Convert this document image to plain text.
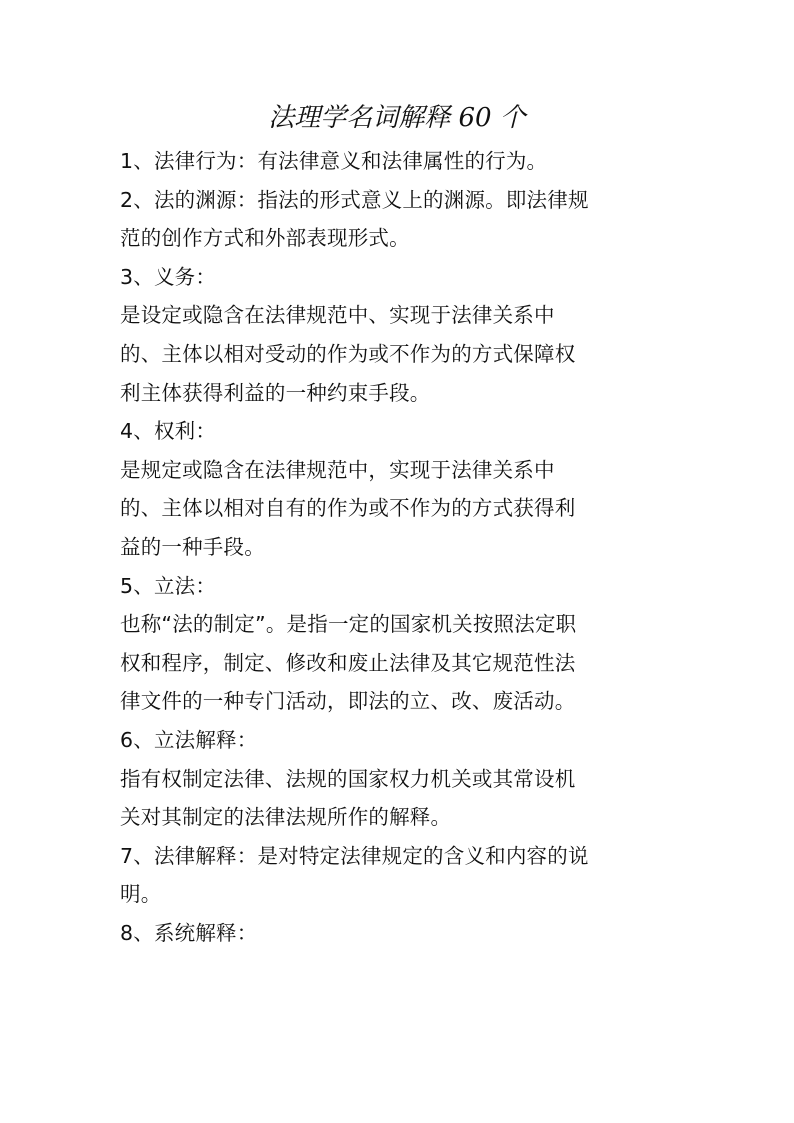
法理学名词解释 60 个
1、法律行为：有法律意义和法律属性的行为。
2、法的渊源：指法的形式意义上的渊源。即法律规
范的创作方式和外部表现形式。
3、义务：
是设定或隐含在法律规范中、实现于法律关系中
的、主体以相对受动的作为或不作为的方式保障权
利主体获得利益的一种约束手段。
4、权利：
是规定或隐含在法律规范中，实现于法律关系中
的、主体以相对自有的作为或不作为的方式获得利
益的一种手段。
5、立法：
也称“法的制定”。是指一定的国家机关按照法定职
权和程序，制定、修改和废止法律及其它规范性法
律文件的一种专门活动，即法的立、改、废活动。
6、立法解释：
指有权制定法律、法规的国家权力机关或其常设机
关对其制定的法律法规所作的解释。
7、法律解释：是对特定法律规定的含义和内容的说
明。
8、系统解释：
